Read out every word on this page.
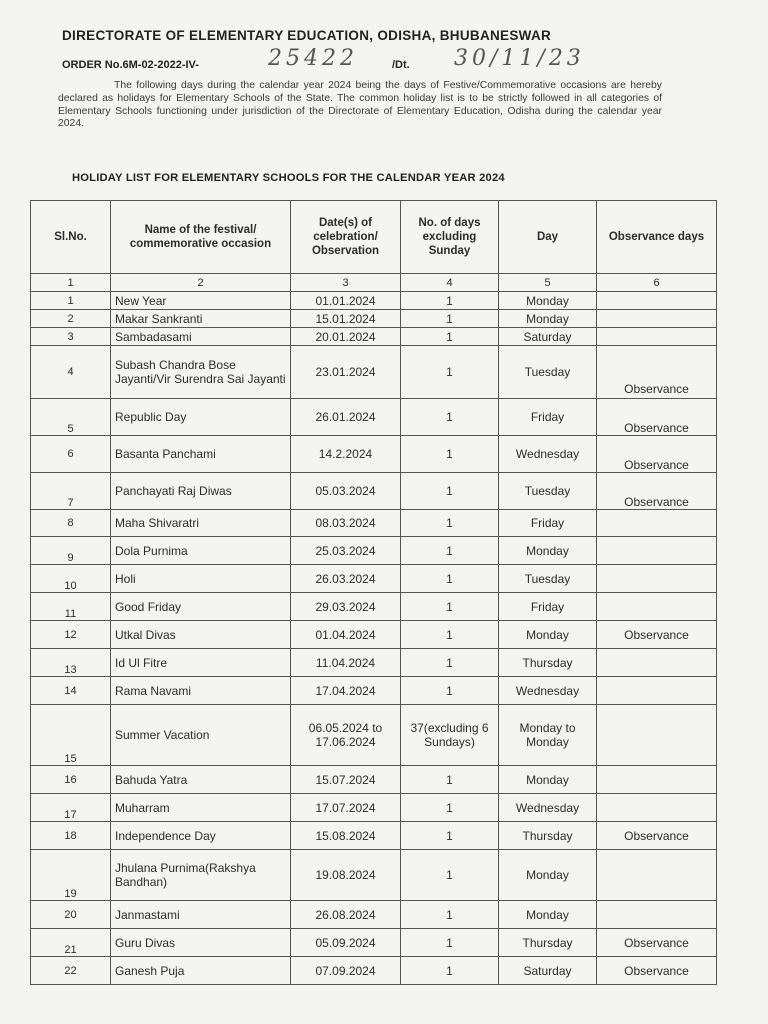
DIRECTORATE OF ELEMENTARY EDUCATION, ODISHA, BHUBANESWAR
ORDER No.6M-02-2022-IV-	25422	/Dt. 30/11/23
The following days during the calendar year 2024 being the days of Festive/Commemorative occasions are hereby declared as holidays for Elementary Schools of the State. The common holiday list is to be strictly followed in all categories of Elementary Schools functioning under jurisdiction of the Directorate of Elementary Education, Odisha during the calendar year 2024.
HOLIDAY LIST FOR ELEMENTARY SCHOOLS FOR THE CALENDAR YEAR 2024
Sl.No.	Name of the festival/ commemorative occasion	Date(s) of celebration/ Observation	No. of days excluding Sunday	Day	Observance days
1	2	3	4	5	6
1	New Year	01.01.2024	1	Monday	
2	Makar Sankranti	15.01.2024	1	Monday	
3	Sambadasami	20.01.2024	1	Saturday	
4	Subash Chandra Bose Jayanti/Vir Surendra Sai Jayanti	23.01.2024	1	Tuesday	Observance
5	Republic Day	26.01.2024	1	Friday	Observance
6	Basanta Panchami	14.2.2024	1	Wednesday	Observance
7	Panchayati Raj Diwas	05.03.2024	1	Tuesday	Observance
8	Maha Shivaratri	08.03.2024	1	Friday	
9	Dola Purnima	25.03.2024	1	Monday	
10	Holi	26.03.2024	1	Tuesday	
11	Good Friday	29.03.2024	1	Friday	
12	Utkal Divas	01.04.2024	1	Monday	Observance
13	Id Ul Fitre	11.04.2024	1	Thursday	
14	Rama Navami	17.04.2024	1	Wednesday	
15	Summer Vacation	06.05.2024 to 17.06.2024	37(excluding 6 Sundays)	Monday to Monday	
16	Bahuda Yatra	15.07.2024	1	Monday	
17	Muharram	17.07.2024	1	Wednesday	
18	Independence Day	15.08.2024	1	Thursday	Observance
19	Jhulana Purnima(Rakshya Bandhan)	19.08.2024	1	Monday	
20	Janmastami	26.08.2024	1	Monday	
21	Guru Divas	05.09.2024	1	Thursday	Observance
22	Ganesh Puja	07.09.2024	1	Saturday	Observance
